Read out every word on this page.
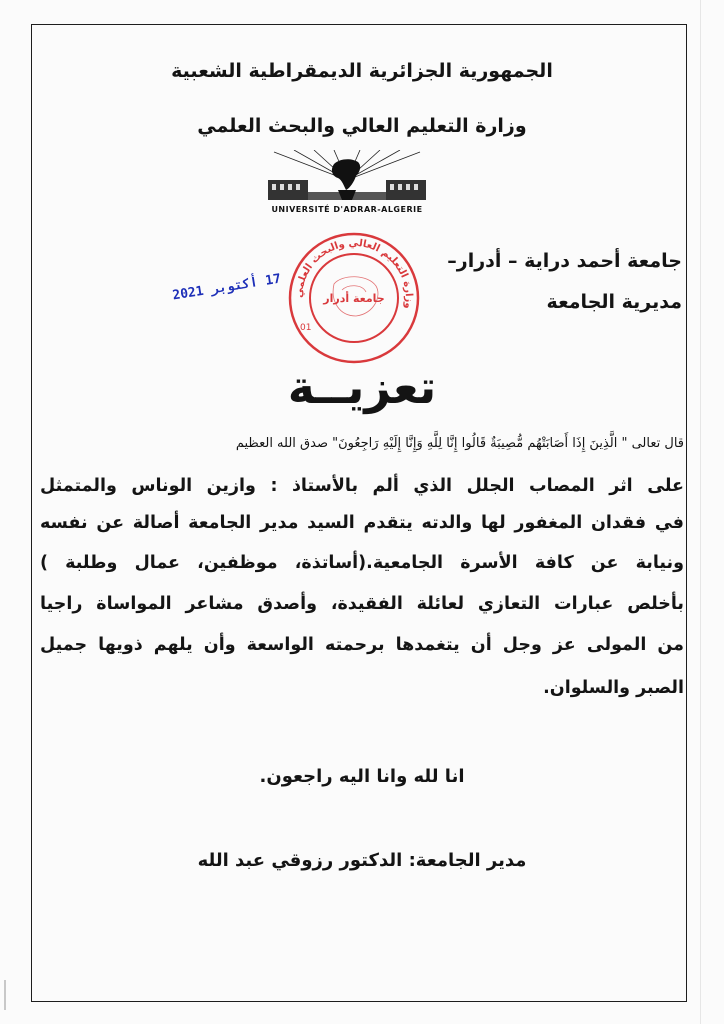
الجمهورية الجزائرية الديمقراطية الشعبية
وزارة التعليم العالي والبحث العلمي
UNIVERSITÉ D'ADRAR-ALGERIE
جامعة أحمد دراية – أدرار–
مديرية الجامعة
17 أكتوبر 2021
وزارة التعليم العالي والبحث العلمي
جامعة أدرار
01
تعزيــة
قال تعالى " الَّذِينَ إِذَا أَصَابَتْهُم مُّصِيبَةٌ قَالُوا إِنَّا لِلَّهِ وَإِنَّا إِلَيْهِ رَاجِعُونَ" صدق الله العظيم
على اثر المصاب الجلل الذي ألم بالأستاذ : وازين الوناس والمتمثل
في فقدان المغفور لها والدته يتقدم السيد مدير الجامعة أصالة عن نفسه
ونيابة عن كافة الأسرة الجامعية.(أساتذة، موظفين، عمال وطلبة )
بأخلص عبارات التعازي لعائلة الفقيدة، وأصدق مشاعر المواساة راجيا
من المولى عز وجل أن يتغمدها برحمته الواسعة وأن يلهم ذويها جميل
الصبر والسلوان.
انا لله وانا اليه راجعون.
مدير الجامعة: الدكتور رزوقي عبد الله
